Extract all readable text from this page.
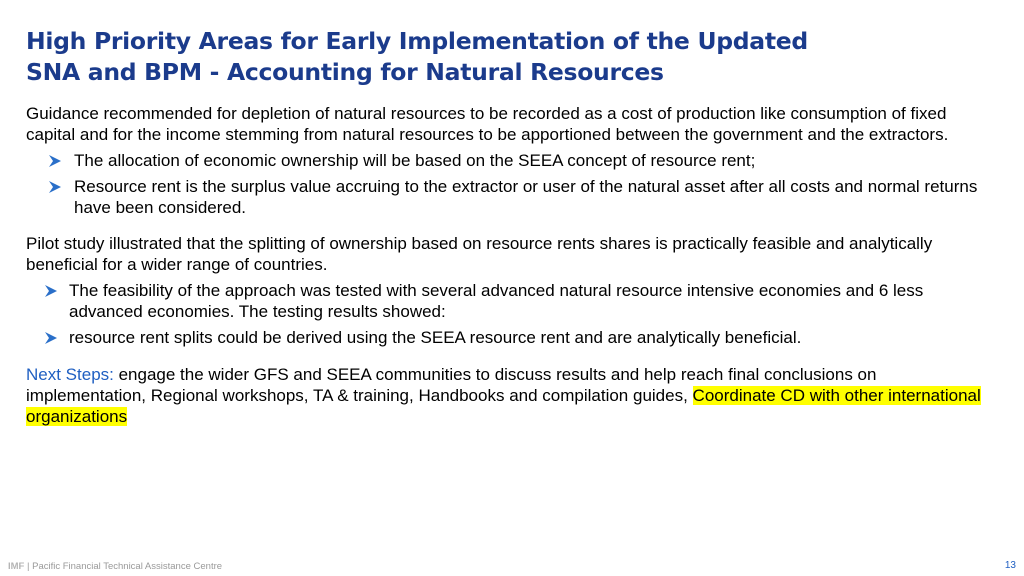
High Priority Areas for Early Implementation of the Updated
SNA and BPM - Accounting for Natural Resources

Guidance recommended for depletion of natural resources to be recorded as a cost of production like consumption of fixed capital and for the income stemming from natural resources to be apportioned between the government and the extractors.

The allocation of economic ownership will be based on the SEEA concept of resource rent;
Resource rent is the surplus value accruing to the extractor or user of the natural asset after all costs and normal returns have been considered.

Pilot study illustrated that the splitting of ownership based on resource rents shares is practically feasible and analytically beneficial for a wider range of countries.

The feasibility of the approach was tested with several advanced natural resource intensive economies and 6 less advanced economies. The testing results showed:
resource rent splits could be derived using the SEEA resource rent and are analytically beneficial.

Next Steps: engage the wider GFS and SEEA communities to discuss results and help reach final conclusions on implementation, Regional workshops, TA & training, Handbooks and compilation guides, Coordinate CD with other international organizations

IMF | Pacific Financial Technical Assistance Centre	13
